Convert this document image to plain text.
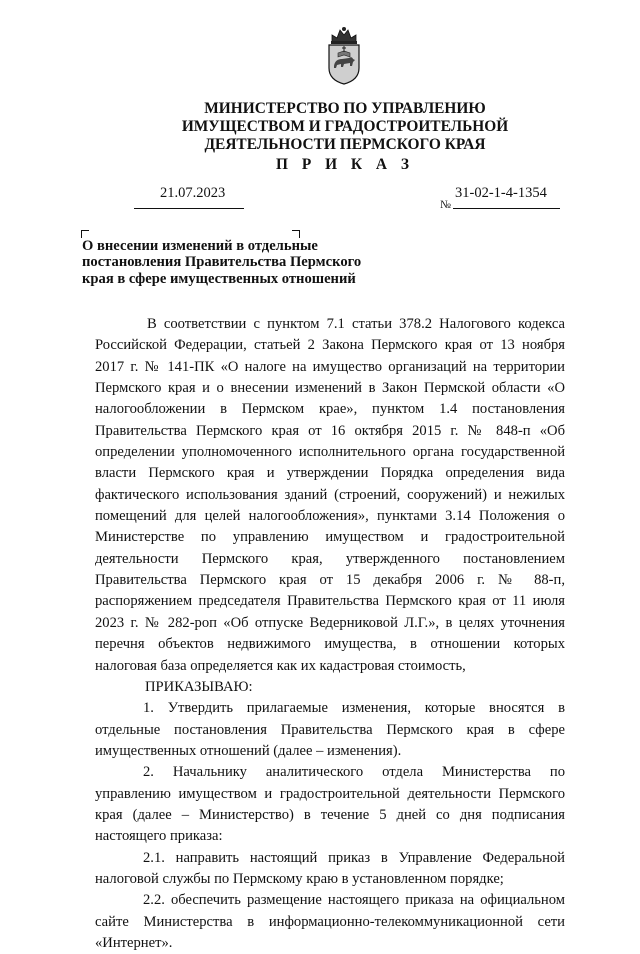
МИНИСТЕРСТВО ПО УПРАВЛЕНИЮ
ИМУЩЕСТВОМ И ГРАДОСТРОИТЕЛЬНОЙ
ДЕЯТЕЛЬНОСТИ ПЕРМСКОГО КРАЯ
П Р И К А З
21.07.2023
№
31-02-1-4-1354
О внесении изменений в отдельные
постановления Правительства Пермского
края в сфере имущественных отношений

В соответствии с пунктом 7.1 статьи 378.2 Налогового кодекса Российской Федерации, статьей 2 Закона Пермского края от 13 ноября 2017 г. № 141-ПК «О налоге на имущество организаций на территории Пермского края и о внесении изменений в Закон Пермской области «О налогообложении в Пермском крае», пунктом 1.4 постановления Правительства Пермского края от 16 октября 2015 г. № 848-п «Об определении уполномоченного исполнительного органа государственной власти Пермского края и утверждении Порядка определения вида фактического использования зданий (строений, сооружений) и нежилых помещений для целей налогообложения», пунктами 3.14 Положения о Министерстве по управлению имуществом и градостроительной деятельности Пермского края, утвержденного постановлением Правительства Пермского края от 15 декабря 2006 г. № 88-п, распоряжением председателя Правительства Пермского края от 11 июля 2023 г. № 282-роп «Об отпуске Ведерниковой Л.Г.», в целях уточнения перечня объектов недвижимого имущества, в отношении которых налоговая база определяется как их кадастровая стоимость,

ПРИКАЗЫВАЮ:

1. Утвердить прилагаемые изменения, которые вносятся в отдельные постановления Правительства Пермского края в сфере имущественных отношений (далее – изменения).

2. Начальнику аналитического отдела Министерства по управлению имуществом и градостроительной деятельности Пермского края (далее – Министерство) в течение 5 дней со дня подписания настоящего приказа:

2.1. направить настоящий приказ в Управление Федеральной налоговой службы по Пермскому краю в установленном порядке;

2.2. обеспечить размещение настоящего приказа на официальном сайте Министерства в информационно-телекоммуникационной сети «Интернет».
